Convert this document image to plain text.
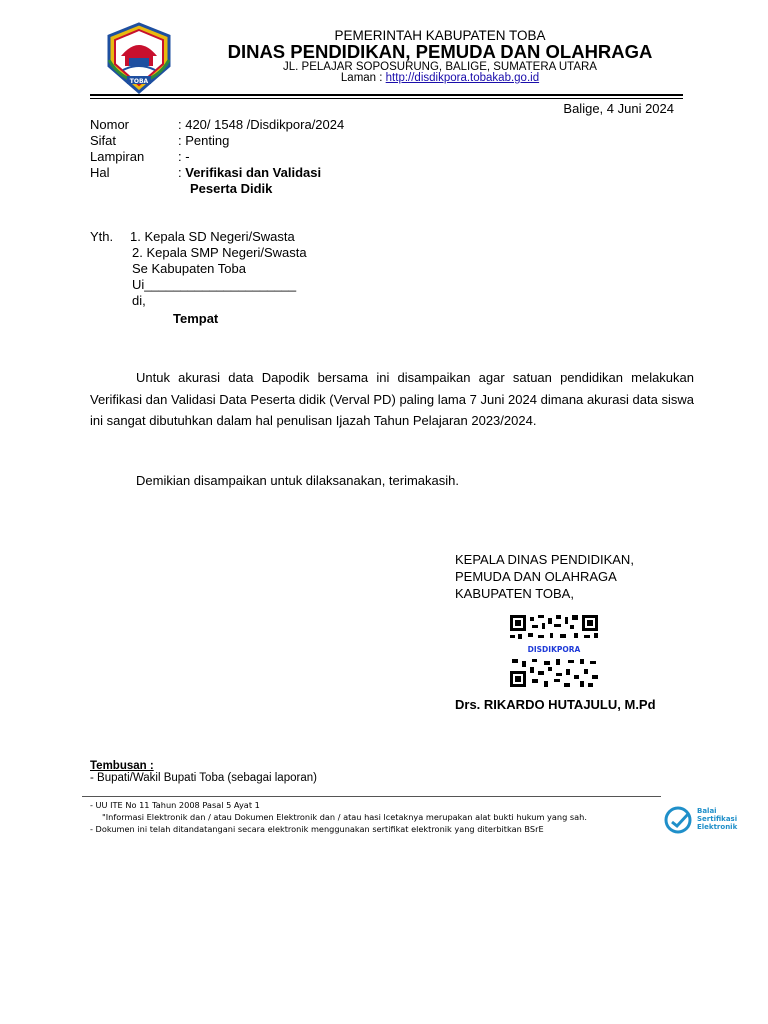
TOBA
PEMERINTAH KABUPATEN TOBA
DINAS PENDIDIKAN, PEMUDA DAN OLAHRAGA
JL. PELAJAR SOPOSURUNG, BALIGE, SUMATERA UTARA
Laman : http://disdikpora.tobakab.go.id
Balige, 4 Juni 2024
Nomor	: 420/ 1548 /Disdikpora/2024
Sifat	: Penting
Lampiran	: -
Hal	: Verifikasi dan Validasi
Peserta Didik
Yth. 1. Kepala SD Negeri/Swasta
2. Kepala SMP Negeri/Swasta
Se Kabupaten Toba
Ui_____________________
di,
Tempat
Untuk akurasi data Dapodik bersama ini disampaikan agar satuan pendidikan melakukan Verifikasi dan Validasi Data Peserta didik (Verval PD) paling lama 7 Juni 2024 dimana akurasi data siswa ini sangat dibutuhkan dalam hal penulisan Ijazah Tahun Pelajaran 2023/2024.
Demikian disampaikan untuk dilaksanakan, terimakasih.
KEPALA DINAS PENDIDIKAN,
PEMUDA DAN OLAHRAGA
KABUPATEN TOBA,
DISDIKPORA
Drs. RIKARDO HUTAJULU, M.Pd
Tembusan :
- Bupati/Wakil Bupati Toba (sebagai laporan)
- UU ITE No 11 Tahun 2008 Pasal 5 Ayat 1
"Informasi Elektronik dan / atau Dokumen Elektronik dan / atau hasi lcetaknya merupakan alat bukti hukum yang sah.
- Dokumen ini telah ditandatangani secara elektronik menggunakan sertifikat elektronik yang diterbitkan BSrE
Balai
Sertifikasi
Elektronik
